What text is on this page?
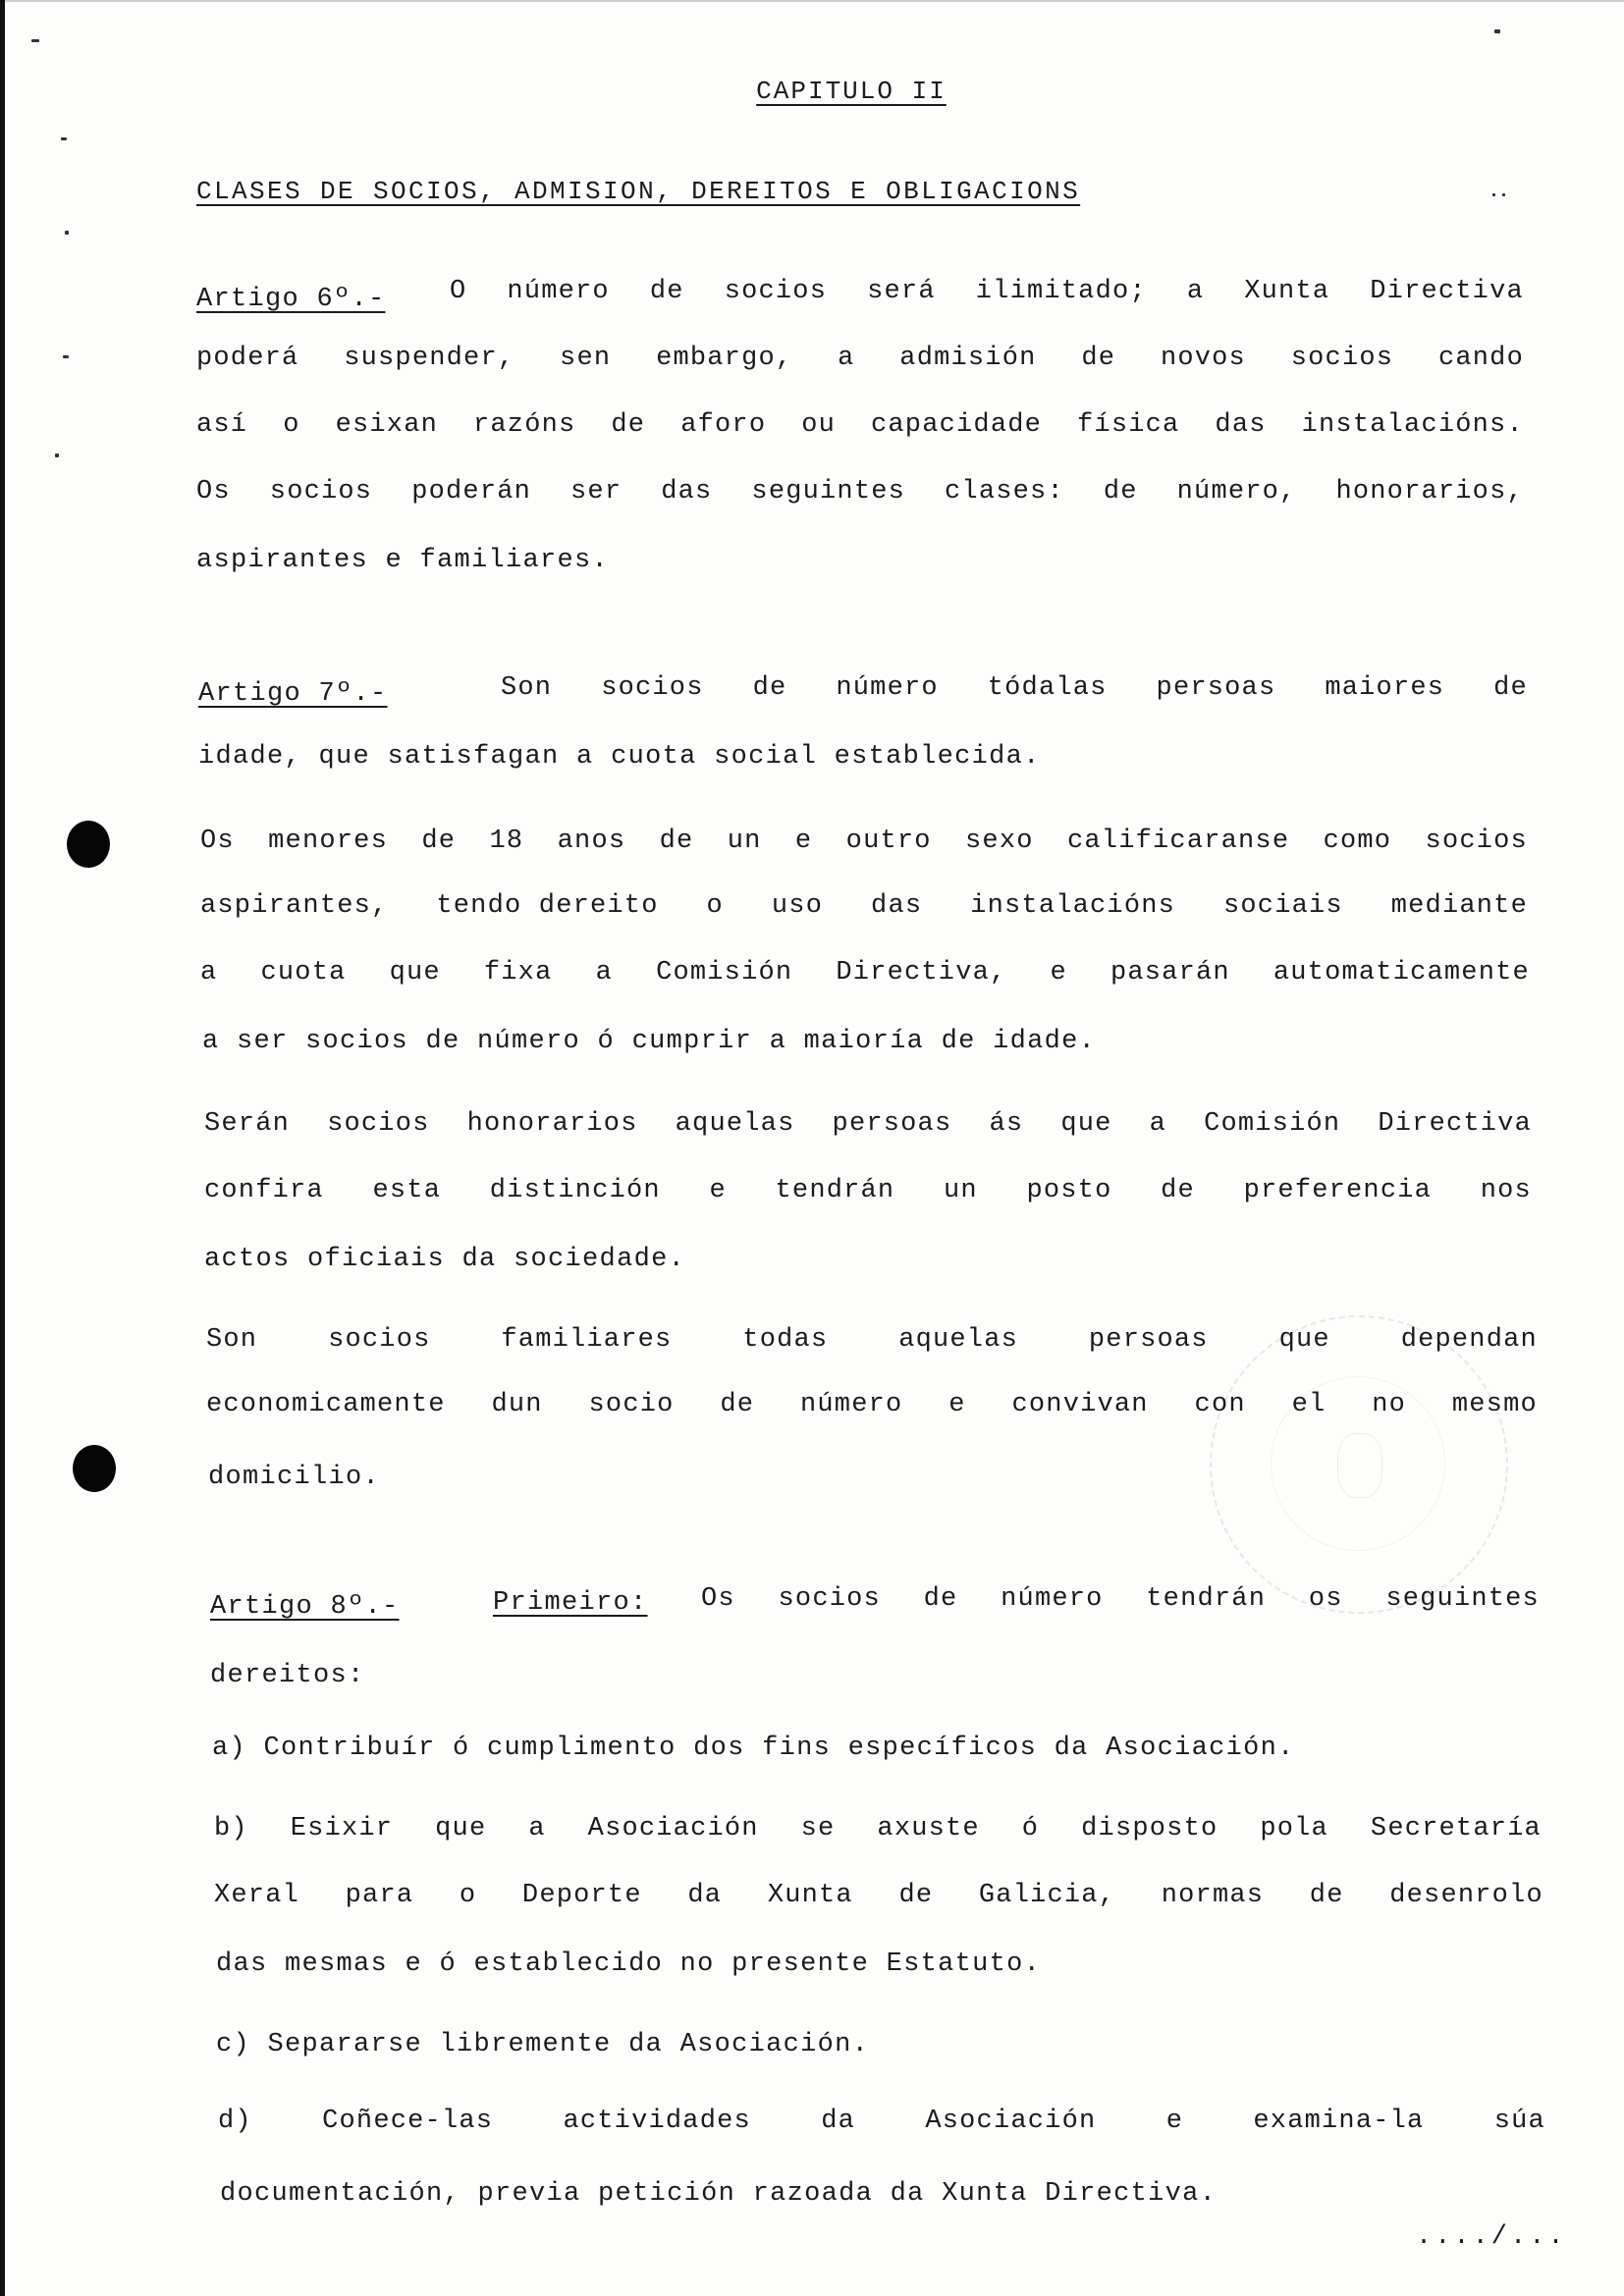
CAPITULO II
CLASES DE SOCIOS, ADMISION, DEREITOS E OBLIGACIONS
Artigo 6º.- O número de socios será ilimitado; a Xunta Directiva
poderá suspender, sen embargo, a admisión de novos socios cando
así o esixan razóns de aforo ou capacidade física das instalacións.
Os socios poderán ser das seguintes clases: de número, honorarios,
aspirantes e familiares.
Artigo 7º.-	Son socios de número tódalas persoas maiores de
idade, que satisfagan a cuota social establecida.
Os menores de 18 anos de un e outro sexo calificaranse como socios
aspirantes, tendo dereito o uso das instalacións sociais mediante
a cuota que fixa a Comisión Directiva, e pasarán automaticamente
a ser socios de número ó cumprir a maioría de idade.
Serán socios honorarios aquelas persoas ás que a Comisión Directiva
confira esta distinción e tendrán un posto de preferencia nos
actos oficiais da sociedade.
Son	socios	familiares	todas	aquelas	persoas	que	dependan
economicamente dun socio de número e convivan con el no mesmo
domicilio.
Artigo 8º.-	Primeiro: Os socios de número tendrán os seguintes
dereitos:
a) Contribuír ó cumplimento dos fins específicos da Asociación.
b) Esixir que a Asociación se axuste ó disposto pola Secretaría
Xeral para o Deporte da Xunta de Galicia, normas de desenrolo
das mesmas e ó establecido no presente Estatuto.
c) Separarse libremente da Asociación.
d)	Coñece-las	actividades	da	Asociación	e	examina-la	súa
documentación, previa petición razoada da Xunta Directiva.
..../...
